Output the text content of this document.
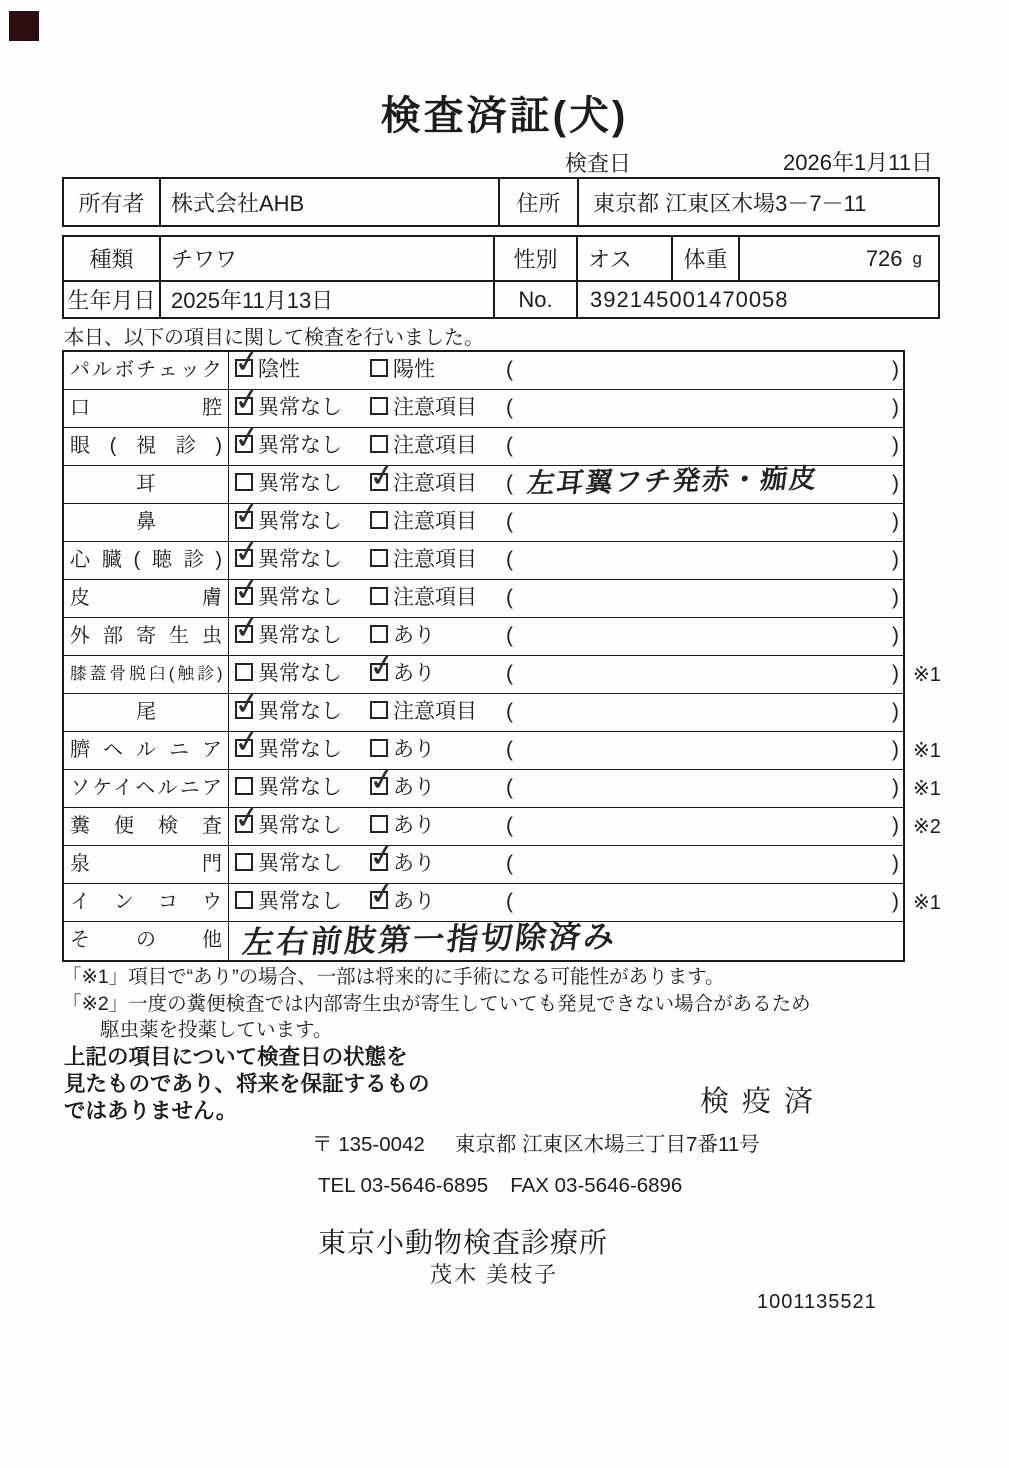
検査済証(犬)
検査日	2026年1月11日
所有者	株式会社AHB	住所	東京都 江東区木場3－7－11
種類	チワワ	性別	オス	体重	726 g
生年月日 2025年11月13日	No.	392145001470058
本日、以下の項目に関して検査を行いました。
パルボチェック ✓	陰性	陽性	(	)
口腔 ✓	異常なし	注意項目 (	)
眼(視診) ✓	異常なし	注意項目 (	)
耳	異常なし ✓	注意項目 ( 左耳翼フチ発赤・痂皮	)
鼻 ✓	異常なし	注意項目 (	)
心臓(聴診) ✓	異常なし	注意項目 (	)
皮膚 ✓	異常なし	注意項目 (	)
外部寄生虫 ✓	異常なし	あり	(	)
膝蓋骨脱臼(触診)	異常なし ✓	あり	(	) ※1
尾 ✓	異常なし	注意項目 (	)
臍ヘルニア ✓	異常なし	あり	(	) ※1
ソケイヘルニア	異常なし ✓	あり	(	) ※1
糞便検査 ✓	異常なし	あり	(	) ※2
泉門	異常なし ✓	あり	(	)
インコウ	異常なし ✓	あり	(	) ※1
その他 左右前肢第一指切除済み
「※1」項目で“あり”の場合、一部は将来的に手術になる可能性があります。
「※2」一度の糞便検査では内部寄生虫が寄生していても発見できない場合があるため
駆虫薬を投薬しています。
上記の項目について検査日の状態を
見たものであり、将来を保証するもの
ではありません。	検疫済
〒 135-0042 東京都 江東区木場三丁目7番11号
TEL 03-5646-6895 FAX 03-5646-6896
東京小動物検査診療所
茂木 美枝子
1001135521
